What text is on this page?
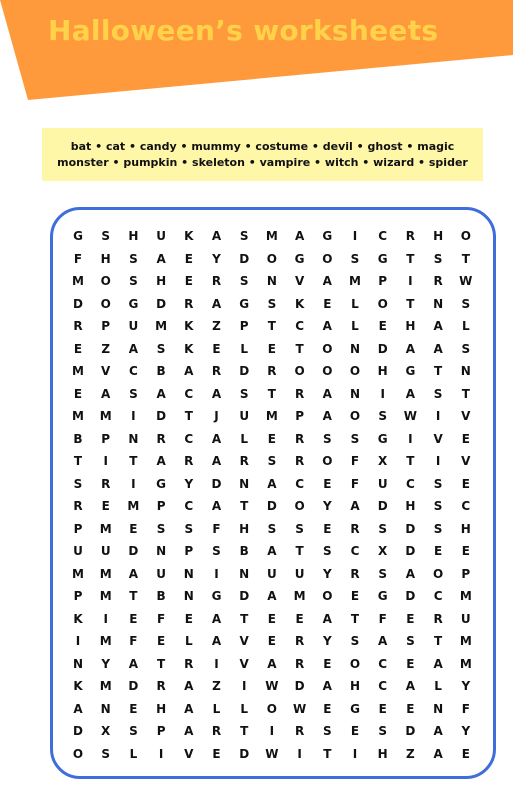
Halloween’s worksheets
bat • cat • candy • mummy • costume • devil • ghost • magic
monster • pumpkin • skeleton • vampire • witch • wizard • spider
G	S	H	U	K	A	S	M	A	G	I	C	R	H	O
F	H	S	A	E	Y	D	O	G	O	S	G	T	S	T
M	O	S	H	E	R	S	N	V	A	M	P	I	R	W
D	O	G	D	R	A	G	S	K	E	L	O	T	N	S
R	P	U	M	K	Z	P	T	C	A	L	E	H	A	L
E	Z	A	S	K	E	L	E	T	O	N	D	A	A	S
M	V	C	B	A	R	D	R	O	O	O	H	G	T	N
E	A	S	A	C	A	S	T	R	A	N	I	A	S	T
M	M	I	D	T	J	U	M	P	A	O	S	W	I	V
B	P	N	R	C	A	L	E	R	S	S	G	I	V	E
T	I	T	A	R	A	R	S	R	O	F	X	T	I	V
S	R	I	G	Y	D	N	A	C	E	F	U	C	S	E
R	E	M	P	C	A	T	D	O	Y	A	D	H	S	C
P	M	E	S	S	F	H	S	S	E	R	S	D	S	H
U	U	D	N	P	S	B	A	T	S	C	X	D	E	E
M	M	A	U	N	I	N	U	U	Y	R	S	A	O	P
P	M	T	B	N	G	D	A	M	O	E	G	D	C	M
K	I	E	F	E	A	T	E	E	A	T	F	E	R	U
I	M	F	E	L	A	V	E	R	Y	S	A	S	T	M
N	Y	A	T	R	I	V	A	R	E	O	C	E	A	M
K	M	D	R	A	Z	I	W	D	A	H	C	A	L	Y
A	N	E	H	A	L	L	O	W	E	G	E	E	N	F
D	X	S	P	A	R	T	I	R	S	E	S	D	A	Y
O	S	L	I	V	E	D	W	I	T	I	H	Z	A	E
